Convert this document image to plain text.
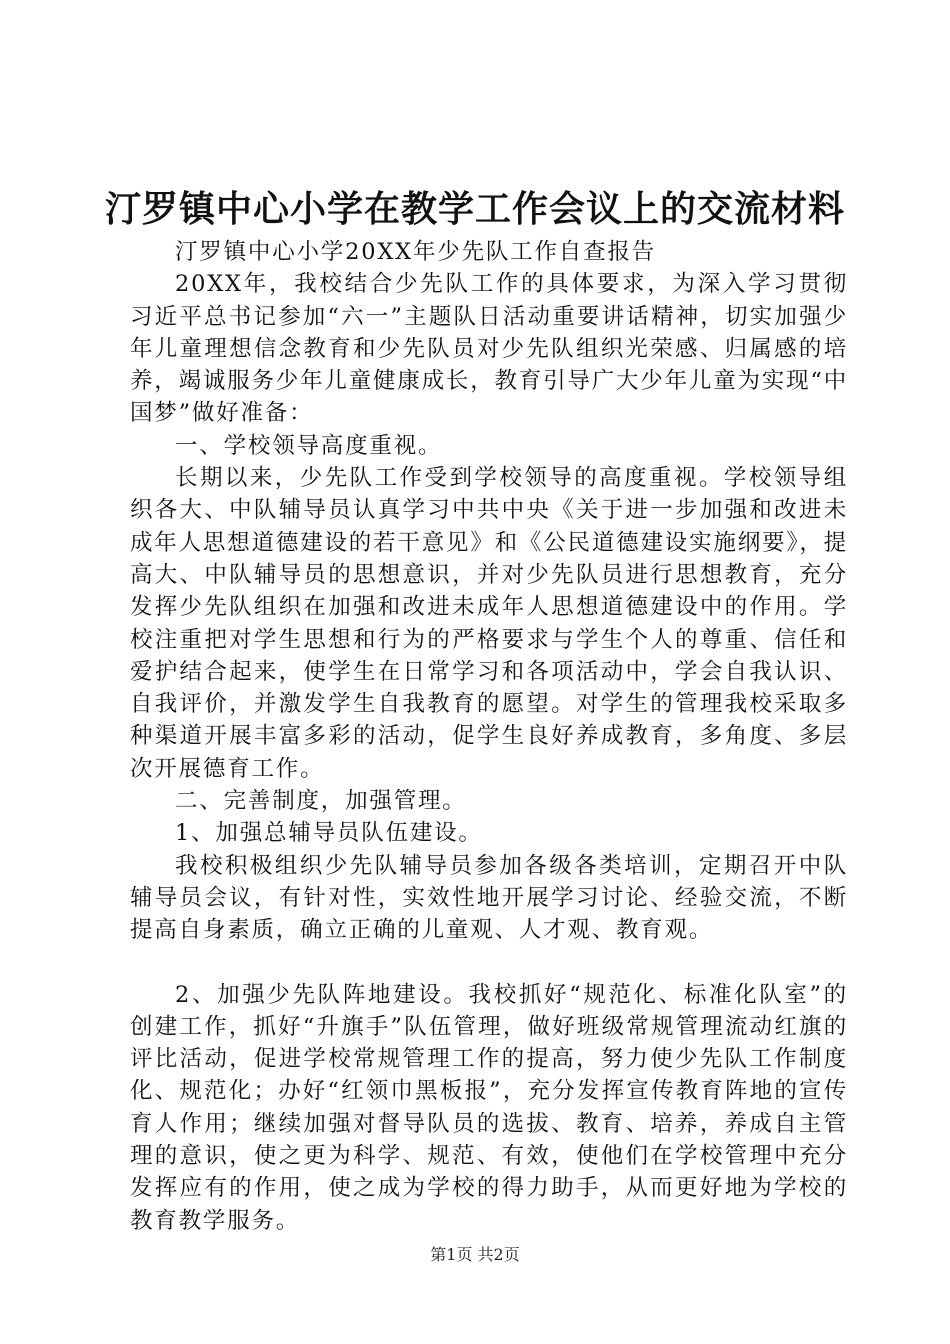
汀罗镇中心小学在教学工作会议上的交流材料

汀罗镇中心小学20XX年少先队工作自查报告

20XX年，我校结合少先队工作的具体要求，为深入学习贯彻习近平总书记参加“六一”主题队日活动重要讲话精神，切实加强少年儿童理想信念教育和少先队员对少先队组织光荣感、归属感的培养，竭诚服务少年儿童健康成长，教育引导广大少年儿童为实现“中国梦”做好准备：

一、学校领导高度重视。

长期以来，少先队工作受到学校领导的高度重视。学校领导组织各大、中队辅导员认真学习中共中央《关于进一步加强和改进未成年人思想道德建设的若干意见》和《公民道德建设实施纲要》，提高大、中队辅导员的思想意识，并对少先队员进行思想教育，充分发挥少先队组织在加强和改进未成年人思想道德建设中的作用。学校注重把对学生思想和行为的严格要求与学生个人的尊重、信任和爱护结合起来，使学生在日常学习和各项活动中，学会自我认识、自我评价，并激发学生自我教育的愿望。对学生的管理我校采取多种渠道开展丰富多彩的活动，促学生良好养成教育，多角度、多层次开展德育工作。

二、完善制度，加强管理。

1、加强总辅导员队伍建设。

我校积极组织少先队辅导员参加各级各类培训，定期召开中队辅导员会议，有针对性，实效性地开展学习讨论、经验交流，不断提高自身素质，确立正确的儿童观、人才观、教育观。

2、加强少先队阵地建设。我校抓好“规范化、标准化队室”的创建工作，抓好“升旗手”队伍管理，做好班级常规管理流动红旗的评比活动，促进学校常规管理工作的提高，努力使少先队工作制度化、规范化；办好“红领巾黑板报”，充分发挥宣传教育阵地的宣传育人作用；继续加强对督导队员的选拔、教育、培养，养成自主管理的意识，使之更为科学、规范、有效，使他们在学校管理中充分发挥应有的作用，使之成为学校的得力助手，从而更好地为学校的教育教学服务。

第1页 共2页
